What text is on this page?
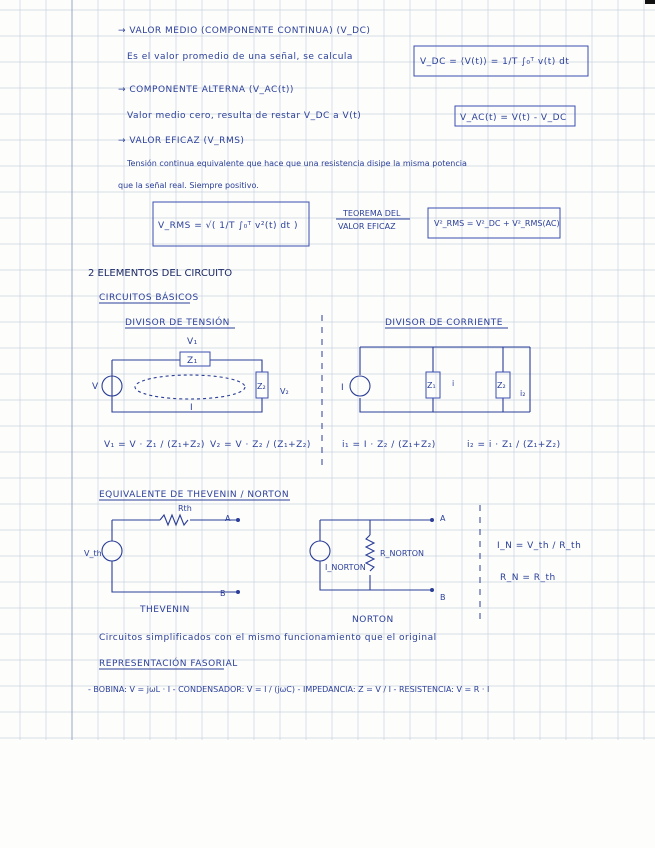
→ VALOR MEDIO (COMPONENTE CONTINUA) (V_DC)
Es el valor promedio de una señal, se calcula	V_DC = ⟨V(t)⟩ = 1/T ∫₀ᵀ v(t) dt
→ COMPONENTE ALTERNA (V_AC(t))
Valor medio cero, resulta de restar V_DC a V(t)	V_AC(t) = V(t) - V_DC
→ VALOR EFICAZ (V_RMS)
Tensión continua equivalente que hace que una resistencia disipe la misma potencia
que la señal real. Siempre positivo.
V_RMS = √( 1/T ∫₀ᵀ v²(t) dt )
TEOREMA DEL
VALOR EFICAZ	V²_RMS = V²_DC + V²_RMS(AC)
2 ELEMENTOS DEL CIRCUITO
CIRCUITOS BÁSICOS
DIVISOR DE TENSIÓN	DIVISOR DE CORRIENTE
Z₁
Z₂
V
V₁
V₂
I
I	Z₁	Z₂
i
i₂
V₁ = V · Z₁ / (Z₁+Z₂) V₂ = V · Z₂ / (Z₁+Z₂)	i₁ = I · Z₂ / (Z₁+Z₂)	i₂ = i · Z₁ / (Z₁+Z₂)
EQUIVALENTE DE THEVENIN / NORTON
Rth
A
B
V_th
THEVENIN
A
B
I_NORTON
R_NORTON
NORTON
I_N = V_th / R_th
R_N = R_th
Circuitos simplificados con el mismo funcionamiento que el original
REPRESENTACIÓN FASORIAL
- BOBINA: V = jωL · I - CONDENSADOR: V = I / (jωC) - IMPEDANCIA: Z = V / I - RESISTENCIA: V = R · I
